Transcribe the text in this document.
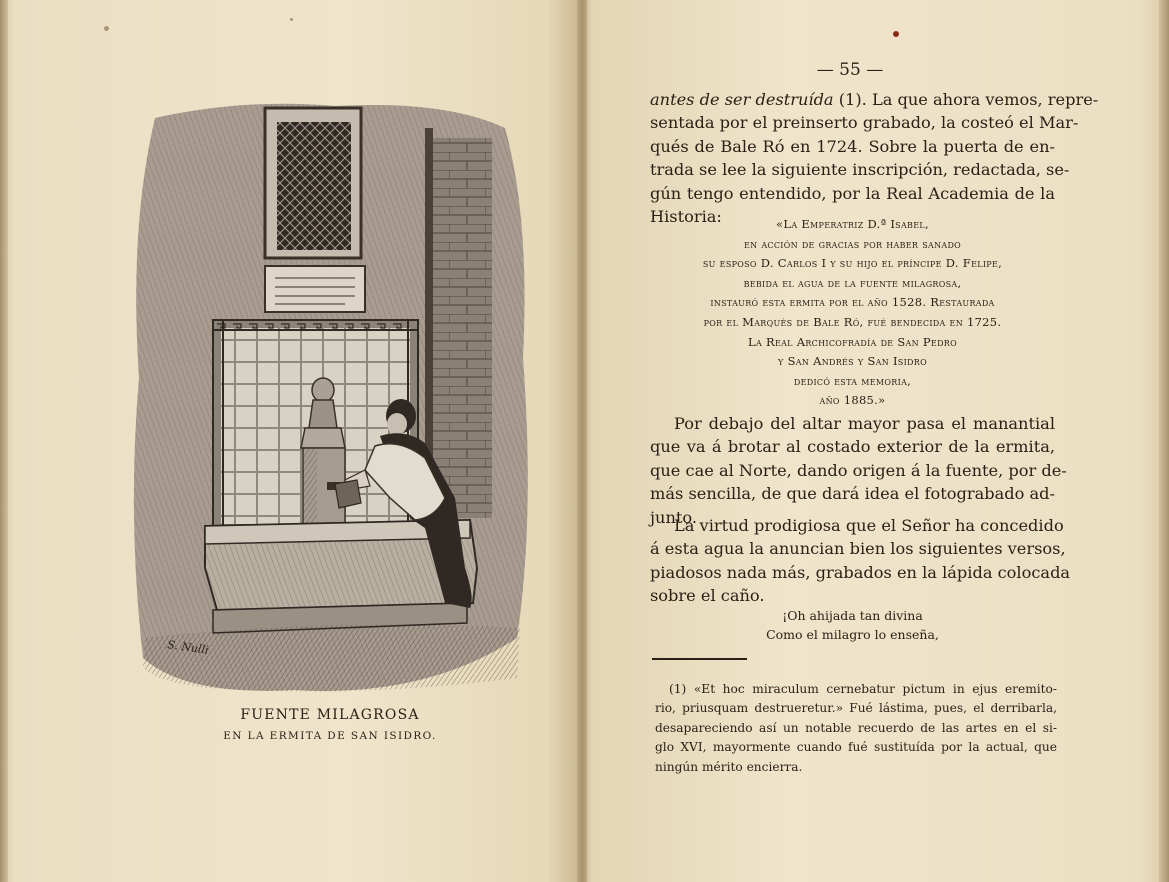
S. Nulli
FUENTE MILAGROSA
EN LA ERMITA DE SAN ISIDRO.
— 55 —
antes de ser destruída (1). La que ahora vemos, repre-
sentada por el preinserto grabado, la costeó el Mar-
qués de Bale Ró en 1724. Sobre la puerta de en-
trada se lee la siguiente inscripción, redactada, se-
gún tengo entendido, por la Real Academia de la
Historia:	«La Emperatriz D.ª Isabel,
en acción de gracias por haber sanado
su esposo D. Carlos I y su hijo el príncipe D. Felipe,
bebida el agua de la fuente milagrosa,
instauró esta ermita por el año 1528. Restaurada
por el Marqués de Bale Ró, fué bendecida en 1725.
La Real Archicofradía de San Pedro
y San Andrés y San Isidro
dedicó esta memoria,
año 1885.»
Por debajo del altar mayor pasa el manantial
que va á brotar al costado exterior de la ermita,
que cae al Norte, dando origen á la fuente, por de-
más sencilla, de que dará idea el fotograbado ad-
junto.
La virtud prodigiosa que el Señor ha concedido
á esta agua la anuncian bien los siguientes versos,
piadosos nada más, grabados en la lápida colocada
sobre el caño.
¡Oh ahijada tan divina
Como el milagro lo enseña,
(1) «Et hoc miraculum cernebatur pictum in ejus eremito-
rio, priusquam destrueretur.» Fué lástima, pues, el derribarla,
desapareciendo así un notable recuerdo de las artes en el si-
glo XVI, mayormente cuando fué sustituída por la actual, que
ningún mérito encierra.
